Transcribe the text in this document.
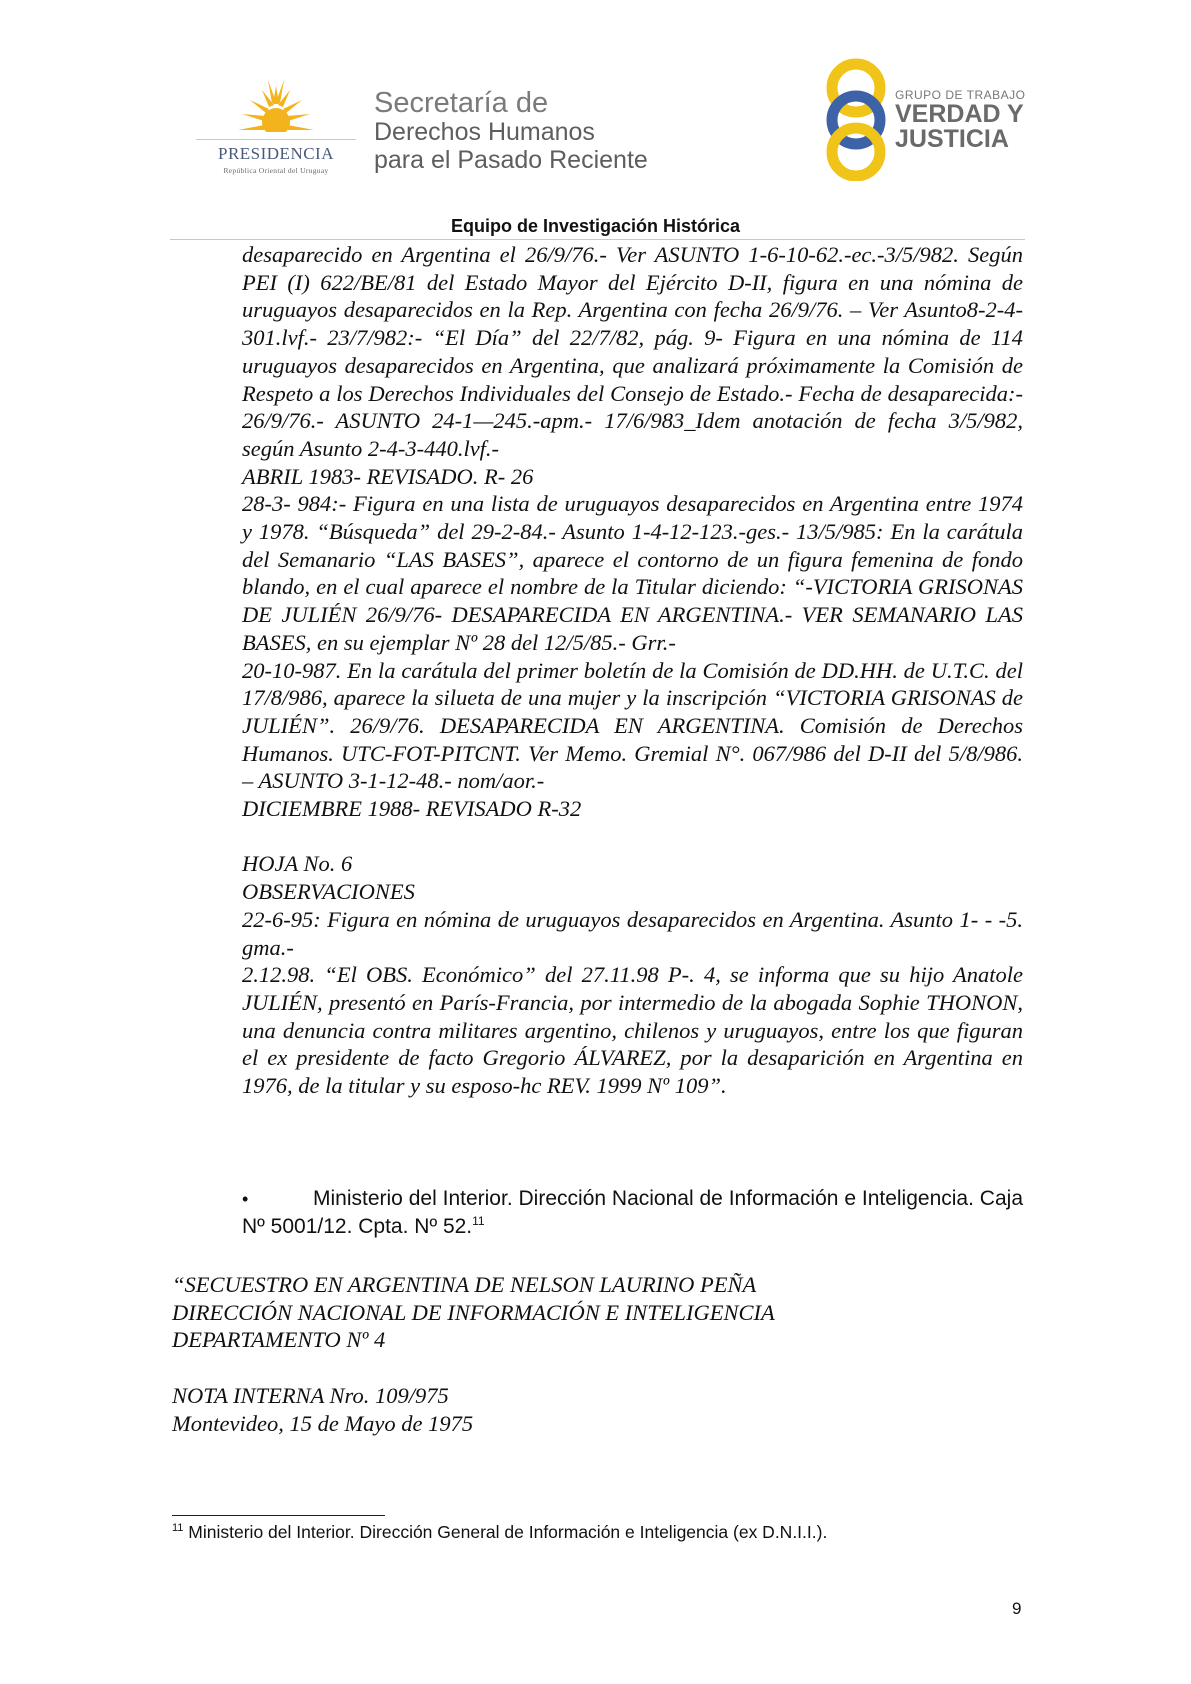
PRESIDENCIA
República Oriental del Uruguay
Secretaría de
Derechos Humanos
para el Pasado Reciente
GRUPO DE TRABAJO
VERDAD Y
JUSTICIA
Equipo de Investigación Histórica

desaparecido en Argentina el 26/9/76.- Ver ASUNTO 1-6-10-62.-ec.-3/5/982. Según PEI (I) 622/BE/81 del Estado Mayor del Ejército D-II, figura en una nómina de uruguayos desaparecidos en la Rep. Argentina con fecha 26/9/76. – Ver Asunto8-2-4-301.lvf.- 23/7/982:- “El Día” del 22/7/82, pág. 9- Figura en una nómina de 114 uruguayos desaparecidos en Argentina, que analizará próximamente la Comisión de Respeto a los Derechos Individuales del Consejo de Estado.- Fecha de desaparecida:- 26/9/76.- ASUNTO 24-1—245.-apm.- 17/6/983_Idem anotación de fecha 3/5/982, según Asunto 2-4-3-440.lvf.-

ABRIL 1983- REVISADO. R- 26

28-3- 984:- Figura en una lista de uruguayos desaparecidos en Argentina entre 1974 y 1978. “Búsqueda” del 29-2-84.- Asunto 1-4-12-123.-ges.- 13/5/985: En la carátula del Semanario “LAS BASES”, aparece el contorno de un figura femenina de fondo blando, en el cual aparece el nombre de la Titular diciendo: “-VICTORIA GRISONAS DE JULIÉN 26/9/76- DESAPARECIDA EN ARGENTINA.- VER SEMANARIO LAS BASES, en su ejemplar Nº 28 del 12/5/85.- Grr.-

20-10-987. En la carátula del primer boletín de la Comisión de DD.HH. de U.T.C. del 17/8/986, aparece la silueta de una mujer y la inscripción “VICTORIA GRISONAS de JULIÉN”. 26/9/76. DESAPARECIDA EN ARGENTINA. Comisión de Derechos Humanos. UTC-FOT-PITCNT. Ver Memo. Gremial N°. 067/986 del D-II del 5/8/986. – ASUNTO 3-1-12-48.- nom/aor.-

DICIEMBRE 1988- REVISADO R-32

HOJA No. 6

OBSERVACIONES

22-6-95: Figura en nómina de uruguayos desaparecidos en Argentina. Asunto 1- - -5. gma.-

2.12.98. “El OBS. Económico” del 27.11.98 P-. 4, se informa que su hijo Anatole JULIÉN, presentó en París-Francia, por intermedio de la abogada Sophie THONON, una denuncia contra militares argentino, chilenos y uruguayos, entre los que figuran el ex presidente de facto Gregorio ÁLVAREZ, por la desaparición en Argentina en 1976, de la titular y su esposo-hc REV. 1999 Nº 109”.

•	Ministerio del Interior. Dirección Nacional de Información e Inteligencia. Caja Nº 5001/12. Cpta. Nº 52.11

“SECUESTRO EN ARGENTINA DE NELSON LAURINO PEÑA

DIRECCIÓN NACIONAL DE INFORMACIÓN E INTELIGENCIA

DEPARTAMENTO Nº 4

NOTA INTERNA Nro. 109/975

Montevideo, 15 de Mayo de 1975

$^{11}$ Ministerio del Interior. Dirección General de Información e Inteligencia (ex D.N.I.I.).
9
